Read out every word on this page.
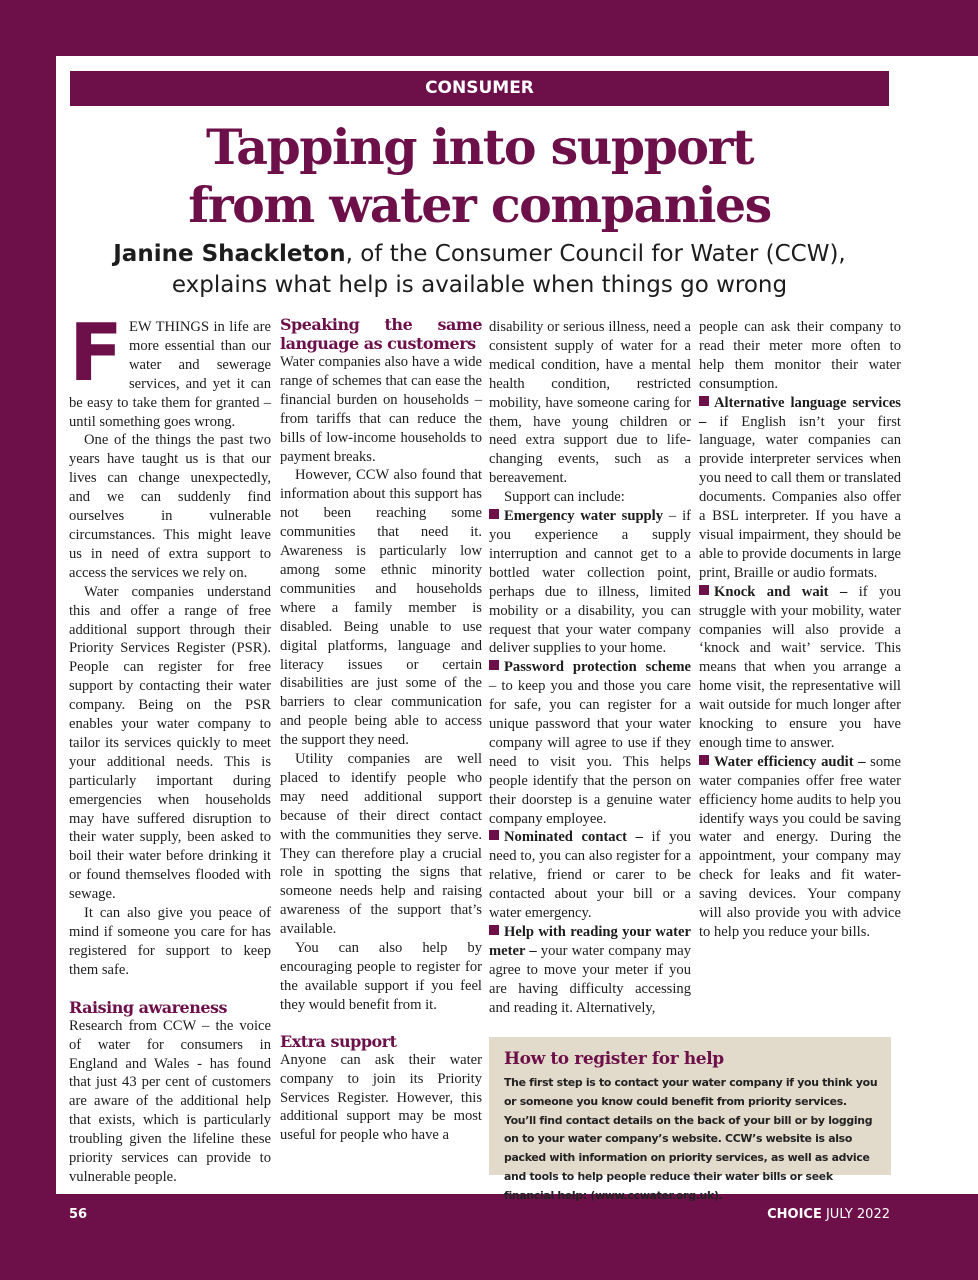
CONSUMER
Tapping into support
from water companies
Janine Shackleton, of the Consumer Council for Water (CCW),
explains what help is available when things go wrong
F EW THINGS in life are more essential than our water and sewerage services, and yet it can be easy to take them for granted – until something goes wrong.

One of the things the past two years have taught us is that our lives can change unexpectedly, and we can suddenly find ourselves in vulnerable circumstances. This might leave us in need of extra support to access the services we rely on.

Water companies understand this and offer a range of free additional support through their Priority Services Register (PSR). People can register for free support by contacting their water company. Being on the PSR enables your water company to tailor its services quickly to meet your additional needs. This is particularly important during emergencies when households may have suffered disruption to their water supply, been asked to boil their water before drinking it or found themselves flooded with sewage.

It can also give you peace of mind if someone you care for has registered for support to keep them safe.

Raising awareness

Research from CCW – the voice of water for consumers in England and Wales - has found that just 43 per cent of customers are aware of the additional help that exists, which is particularly troubling given the lifeline these priority services can provide to vulnerable people.

Speaking the same language as customers

Water companies also have a wide range of schemes that can ease the financial burden on households – from tariffs that can reduce the bills of low-income households to payment breaks.

However, CCW also found that information about this support has not been reaching some communities that need it. Awareness is particularly low among some ethnic minority communities and households where a family member is disabled. Being unable to use digital platforms, language and literacy issues or certain disabilities are just some of the barriers to clear communication and people being able to access the support they need.

Utility companies are well placed to identify people who may need additional support because of their direct contact with the communities they serve. They can therefore play a crucial role in spotting the signs that someone needs help and raising awareness of the support that’s available.

You can also help by encouraging people to register for the available support if you feel they would benefit from it.

Extra support

Anyone can ask their water company to join its Priority Services Register. However, this additional support may be most useful for people who have a

disability or serious illness, need a consistent supply of water for a medical condition, have a mental health condition, restricted mobility, have someone caring for them, have young children or need extra support due to life-changing events, such as a bereavement.

Support can include:

Emergency water supply – if you experience a supply interruption and cannot get to a bottled water collection point, perhaps due to illness, limited mobility or a disability, you can request that your water company deliver supplies to your home.

Password protection scheme – to keep you and those you care for safe, you can register for a unique password that your water company will agree to use if they need to visit you. This helps people identify that the person on their doorstep is a genuine water company employee.

Nominated contact – if you need to, you can also register for a relative, friend or carer to be contacted about your bill or a water emergency.

Help with reading your water meter – your water company may agree to move your meter if you are having difficulty accessing and reading it. Alternatively,

people can ask their company to read their meter more often to help them monitor their water consumption.

Alternative language services – if English isn’t your first language, water companies can provide interpreter services when you need to call them or translated documents. Companies also offer a BSL interpreter. If you have a visual impairment, they should be able to provide documents in large print, Braille or audio formats.

Knock and wait – if you struggle with your mobility, water companies will also provide a ‘knock and wait’ service. This means that when you arrange a home visit, the representative will wait outside for much longer after knocking to ensure you have enough time to answer.

Water efficiency audit – some water companies offer free water efficiency home audits to help you identify ways you could be saving water and energy. During the appointment, your company may check for leaks and fit water-saving devices. Your company will also provide you with advice to help you reduce your bills.

How to register for help

The first step is to contact your water company if you think you or someone you know could benefit from priority services. You’ll find contact details on the back of your bill or by logging on to your water company’s website. CCW’s website is also packed with information on priority services, as well as advice and tools to help people reduce their water bills or seek financial help: (www.ccwater.org.uk).

56	CHOICE JULY 2022
